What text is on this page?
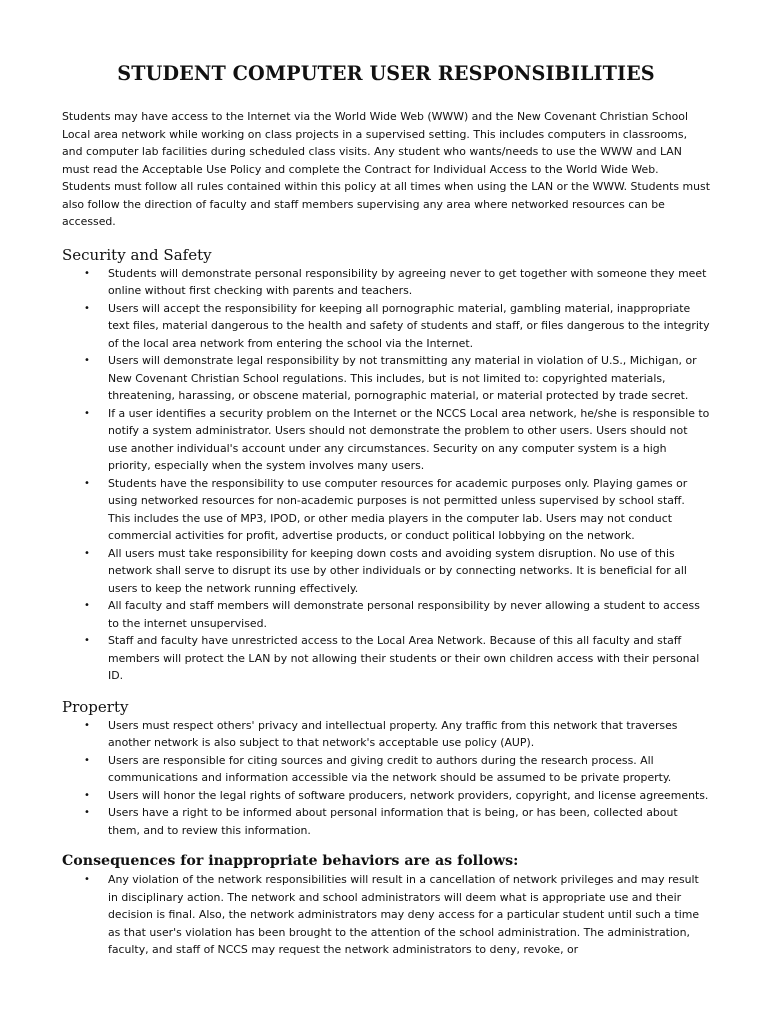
STUDENT COMPUTER USER RESPONSIBILITIES

Students may have access to the Internet via the World Wide Web (WWW) and the New Covenant Christian School Local area network while working on class projects in a supervised setting. This includes computers in classrooms, and computer lab facilities during scheduled class visits. Any student who wants/needs to use the WWW and LAN must read the Acceptable Use Policy and complete the Contract for Individual Access to the World Wide Web. Students must follow all rules contained within this policy at all times when using the LAN or the WWW. Students must also follow the direction of faculty and staff members supervising any area where networked resources can be accessed.

Security and Safety
• Students will demonstrate personal responsibility by agreeing never to get together with someone they meet online without first checking with parents and teachers.
• Users will accept the responsibility for keeping all pornographic material, gambling material, inappropriate text files, material dangerous to the health and safety of students and staff, or files dangerous to the integrity of the local area network from entering the school via the Internet.
• Users will demonstrate legal responsibility by not transmitting any material in violation of U.S., Michigan, or New Covenant Christian School regulations. This includes, but is not limited to: copyrighted materials, threatening, harassing, or obscene material, pornographic material, or material protected by trade secret.
• If a user identifies a security problem on the Internet or the NCCS Local area network, he/she is responsible to notify a system administrator. Users should not demonstrate the problem to other users. Users should not use another individual's account under any circumstances. Security on any computer system is a high priority, especially when the system involves many users.
• Students have the responsibility to use computer resources for academic purposes only. Playing games or using networked resources for non-academic purposes is not permitted unless supervised by school staff. This includes the use of MP3, IPOD, or other media players in the computer lab. Users may not conduct commercial activities for profit, advertise products, or conduct political lobbying on the network.
• All users must take responsibility for keeping down costs and avoiding system disruption. No use of this network shall serve to disrupt its use by other individuals or by connecting networks. It is beneficial for all users to keep the network running effectively.
• All faculty and staff members will demonstrate personal responsibility by never allowing a student to access to the internet unsupervised.
• Staff and faculty have unrestricted access to the Local Area Network. Because of this all faculty and staff members will protect the LAN by not allowing their students or their own children access with their personal ID.
Property
• Users must respect others' privacy and intellectual property. Any traffic from this network that traverses another network is also subject to that network's acceptable use policy (AUP).
• Users are responsible for citing sources and giving credit to authors during the research process. All communications and information accessible via the network should be assumed to be private property.
• Users will honor the legal rights of software producers, network providers, copyright, and license agreements.
• Users have a right to be informed about personal information that is being, or has been, collected about them, and to review this information.
Consequences for inappropriate behaviors are as follows:
• Any violation of the network responsibilities will result in a cancellation of network privileges and may result in disciplinary action. The network and school administrators will deem what is appropriate use and their decision is final. Also, the network administrators may deny access for a particular student until such a time as that user's violation has been brought to the attention of the school administration. The administration, faculty, and staff of NCCS may request the network administrators to deny, revoke, or
